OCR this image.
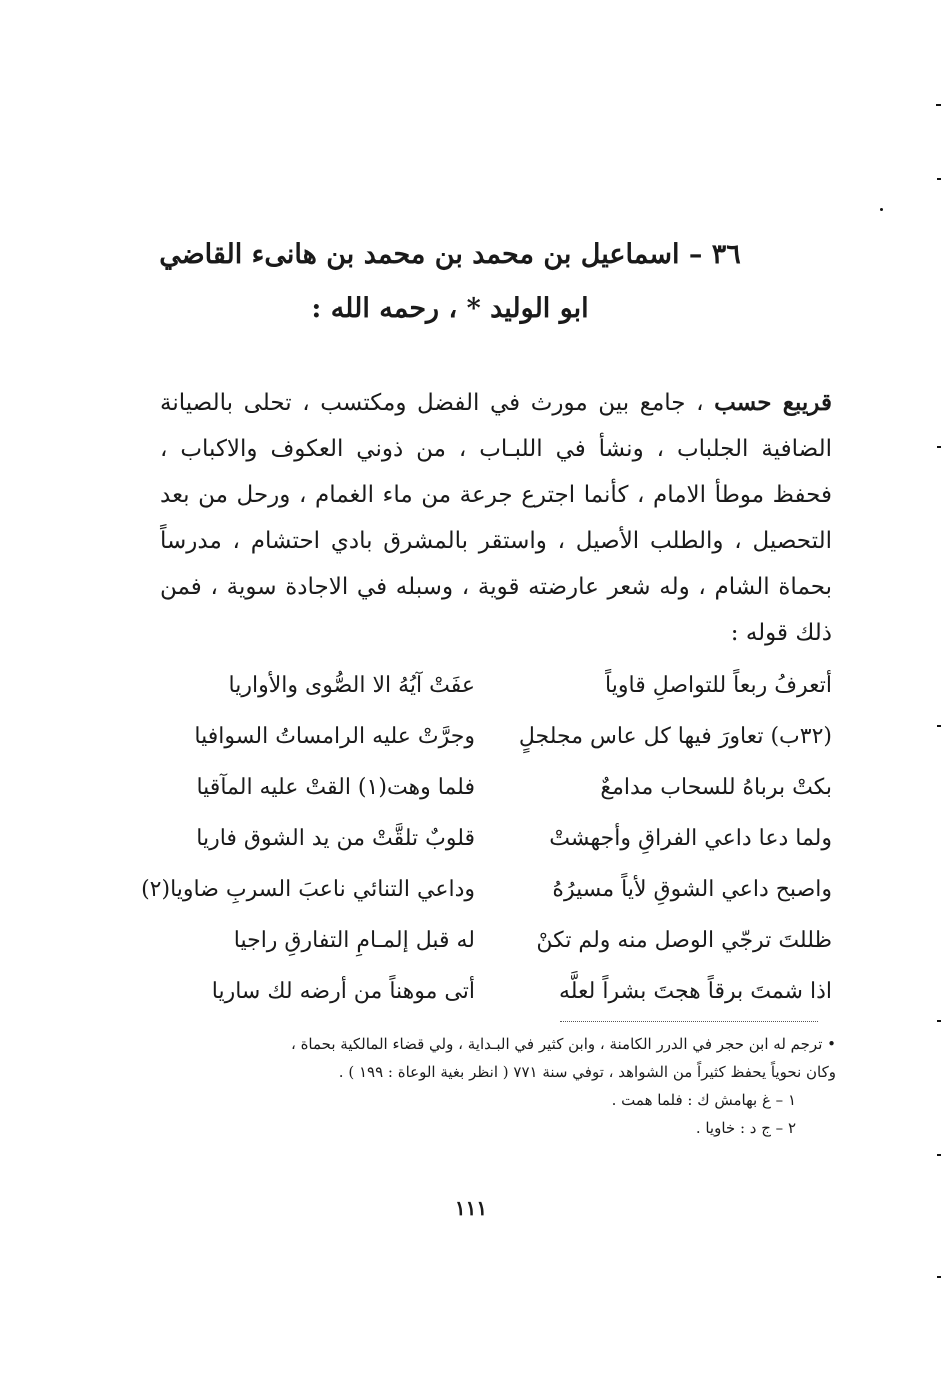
٣٦ – اسماعيل بن محمد بن محمد بن هانىء القاضي
ابو الوليد * ، رحمه الله :
قريبع حسب ، جامع بين مورث في الفضل ومكتسب ، تحلى بالصيانة الضافية الجلباب ، ونشأ في اللبـاب ، من ذوني العكوف والاكباب ، فحفظ موطأ الامام ، كأنما اجترع جرعة من ماء الغمام ، ورحل من بعد التحصيل ، والطلب الأصيل ، واستقر بالمشرق بادي احتشام ، مدرساً بحماة الشام ، وله شعر عارضته قوية ، وسبله في الاجادة سوية ، فمن ذلك قوله :
أتعرفُ ربعاً للتواصلِ قاوياً
عفَتْ آيُهُ الا الصُّوى والأواريا
(٣٢ب) تعاورَ فيها كل عاس مجلجلٍ
وجرَّتْ عليه الرامساتُ السوافيا
بكتْ برباهُ للسحاب مدامعٌ
فلما وهت(١) القتْ عليه المآقيا
ولما دعا داعي الفراقِ وأجهشتْ
قلوبٌ تلقَّتْ من يد الشوق فاريا
واصبح داعي الشوقِ لأياً مسيرُهُ
وداعي التنائي ناعبَ السربِ ضاويا(٢)
ظللتَ ترجّي الوصل منه ولم تكنْ
له قبل إلمـامِ التفارقِ راجيا
اذا شمتَ برقاً هجتَ بشراً لعلَّه
أتى موهناً من أرضه لك ساريا
• ترجم له ابن حجر في الدرر الكامنة ، وابن كثير في البـداية ، ولي قضاء المالكية بحماة ،
وكان نحوياً يحفظ كثيراً من الشواهد ، توفي سنة ٧٧١ ( انظر بغية الوعاة : ١٩٩ ) .
١ – غ بهامش ك : فلما همت .
٢ – ج د : خاويا .
١١١
